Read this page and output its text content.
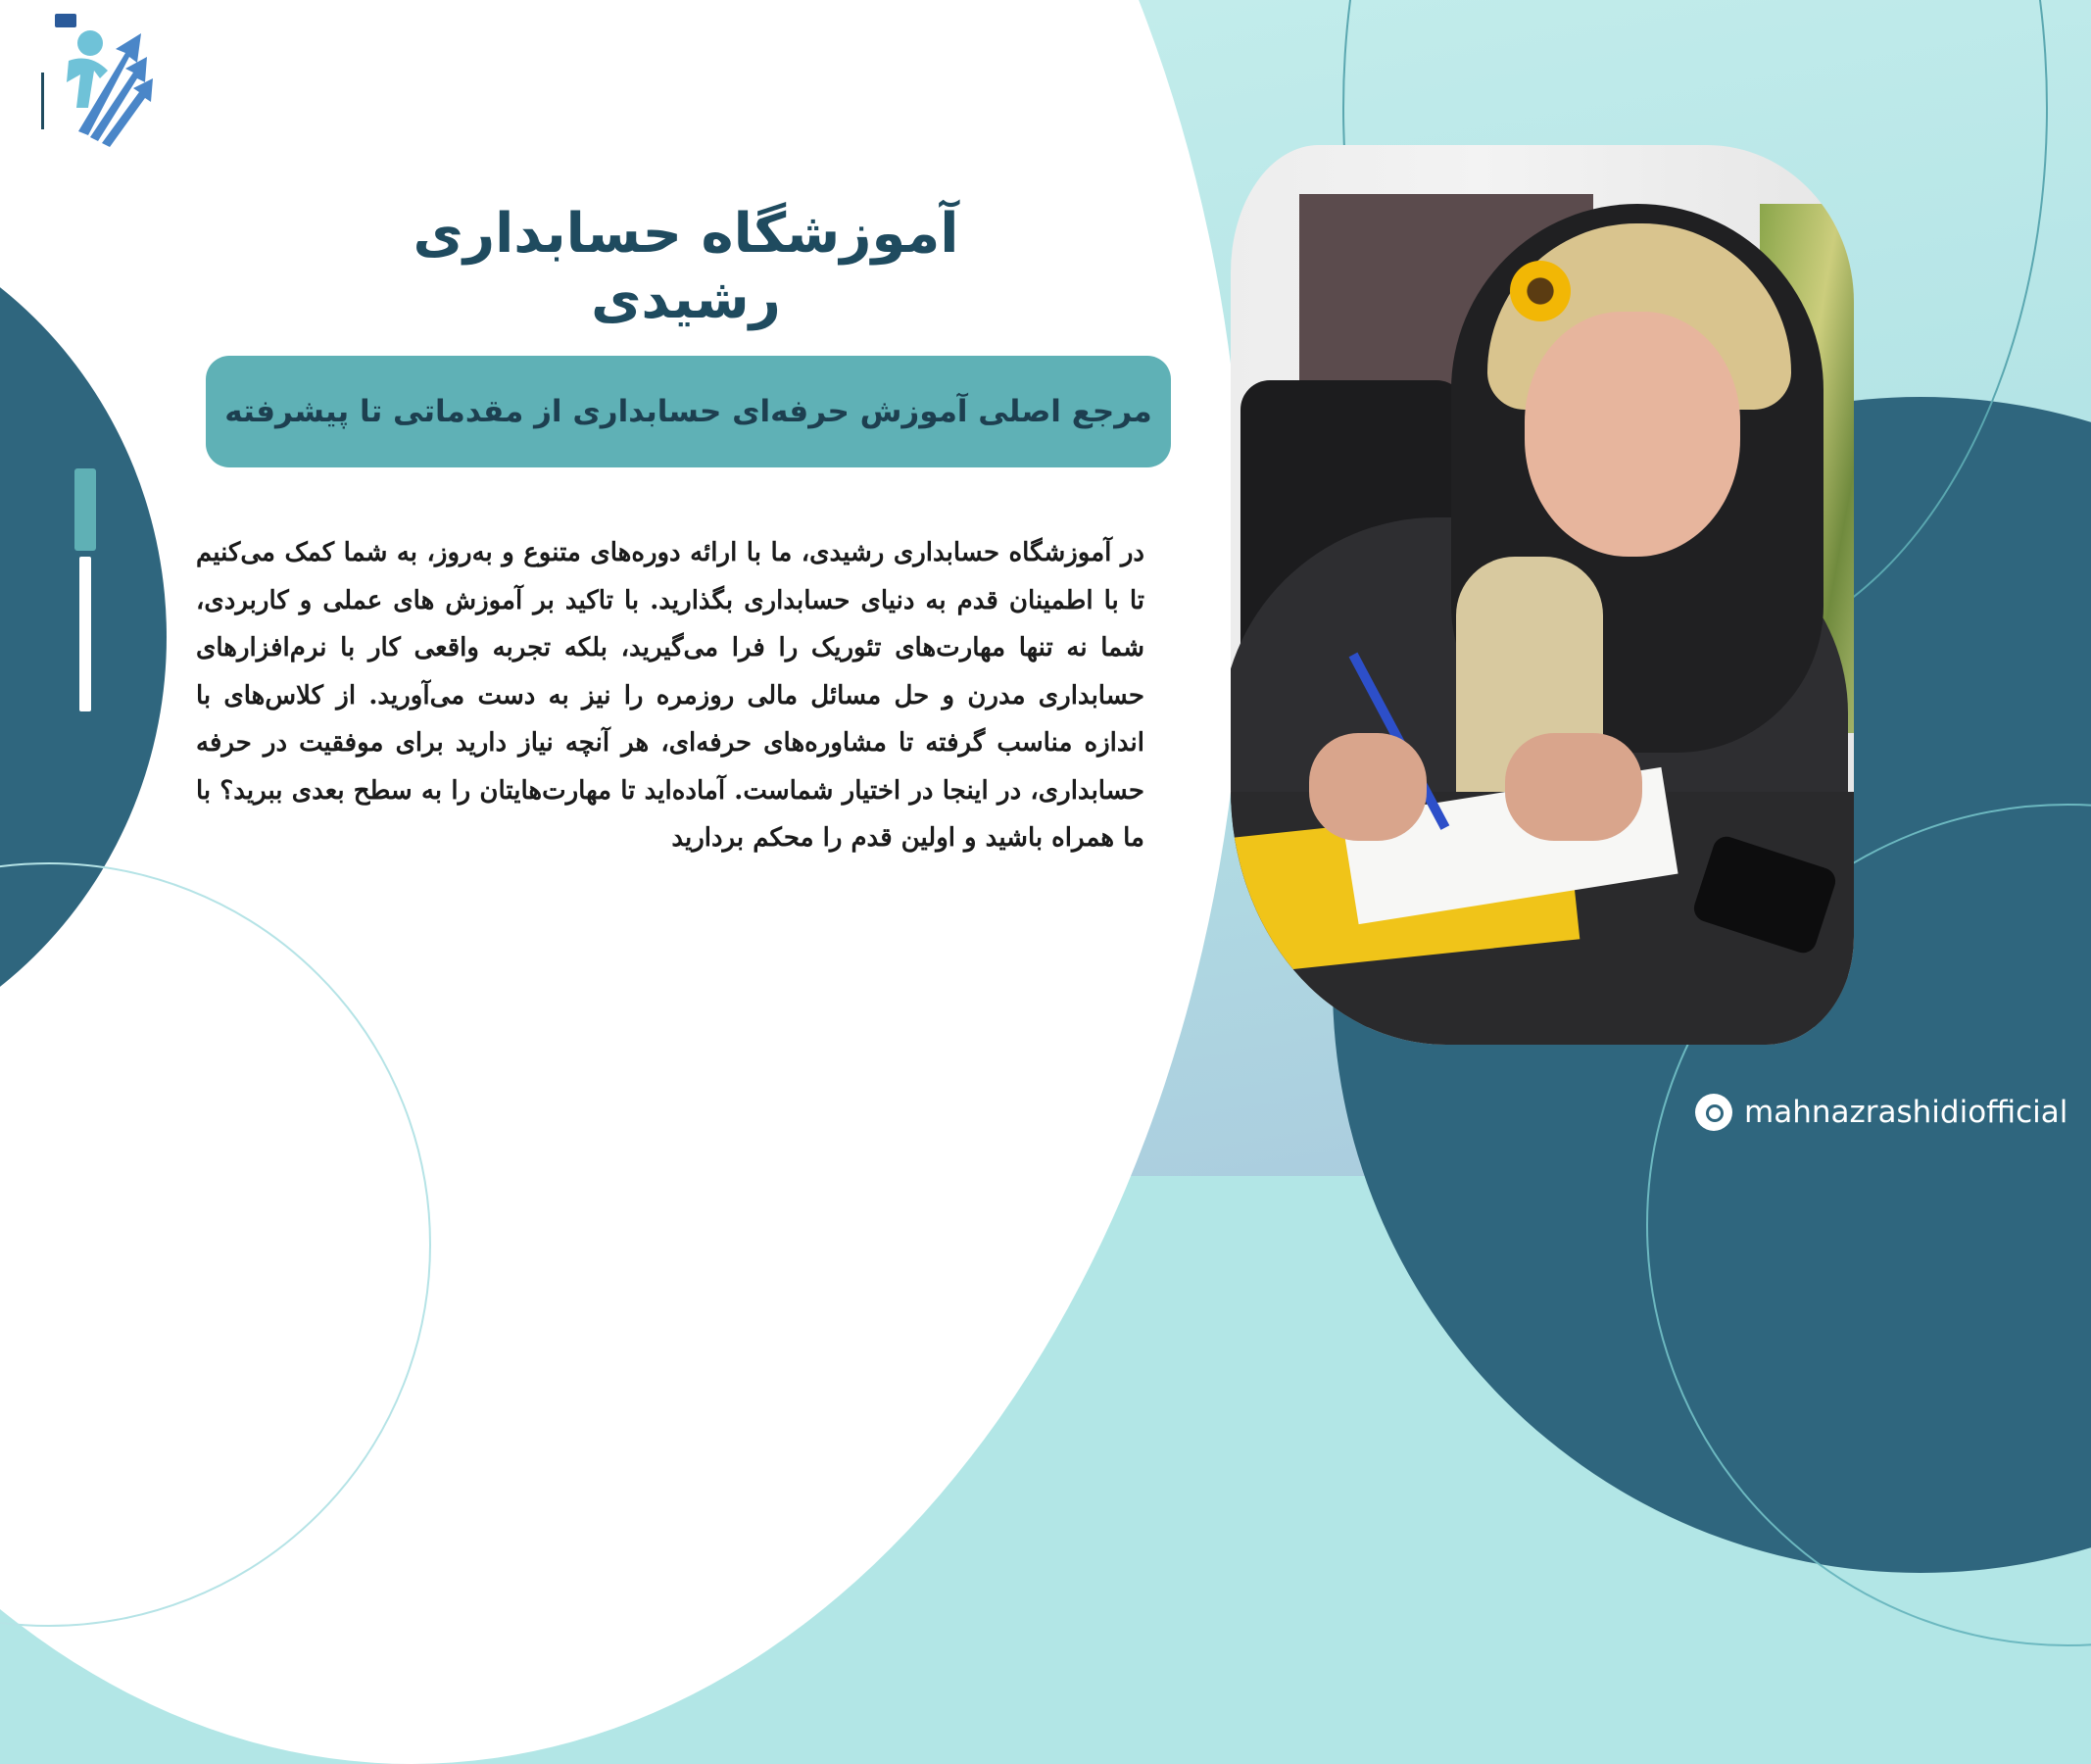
آموزشگاه حسابداری رشیدی
مرجع اصلی آموزش حرفه‌ای حسابداری از مقدماتی تا پیشرفته
در آموزشگاه حسابداری رشیدی، ما با ارائه دوره‌های متنوع و به‌روز، به شما کمک می‌کنیم تا با اطمینان قدم به دنیای حسابداری بگذارید. با تاکید بر آموزش های عملی و کاربردی، شما نه تنها مهارت‌های تئوریک را فرا می‌گیرید، بلکه تجربه واقعی کار با نرم‌افزارهای حسابداری مدرن و حل مسائل مالی روزمره را نیز به دست می‌آورید. از کلاس‌های با اندازه مناسب گرفته تا مشاوره‌های حرفه‌ای، هر آنچه نیاز دارید برای موفقیت در حرفه حسابداری، در اینجا در اختیار شماست. آماده‌اید تا مهارت‌هایتان را به سطح بعدی ببرید؟ با ما همراه باشید و اولین قدم را محکم بردارید
mahnazrashidiofficial
